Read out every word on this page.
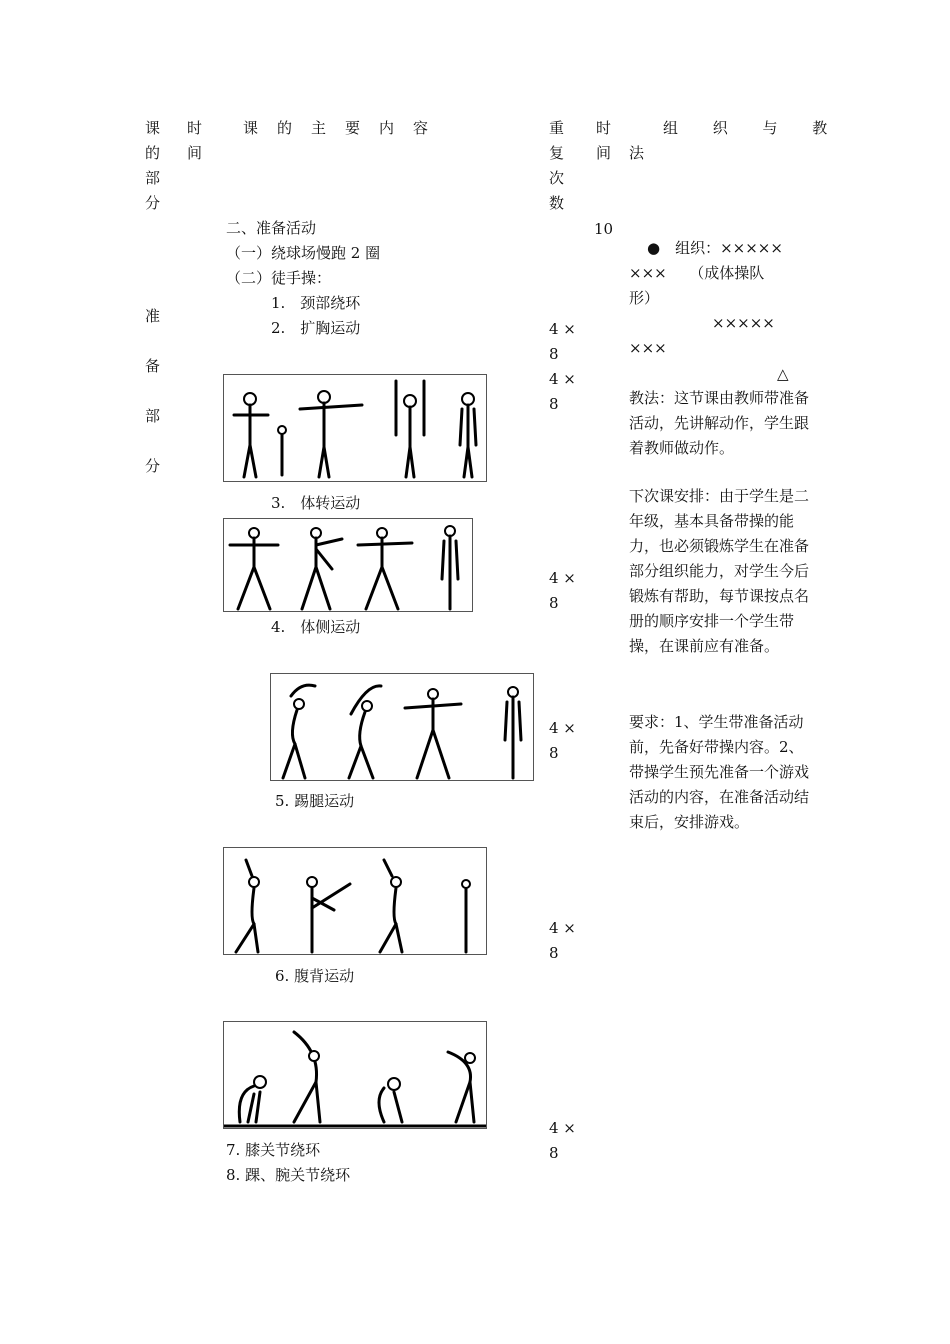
课
的
部
分
时
间
课的主要内容	重
复
次
数
时
间
组 织 与 教
法
准
备
部
分
二、准备活动
（一）绕球场慢跑 2 圈
（二）徒手操：
1.　颈部绕环
2.　扩胸运动
3.　体转运动
4.　体侧运动
5. 踢腿运动
6. 腹背运动
7. 膝关节绕环
8. 踝、腕关节绕环
10
4 ×
8
4 ×
8
4 ×
8
4 ×
8
4 ×
8
4 ×
8
●　组织：×××××
×××　　（成体操队
形）
×××××
×××
△
教法：这节课由教师带准备活动，先讲解动作，学生跟着教师做动作。
下次课安排：由于学生是二年级，基本具备带操的能力，也必须锻炼学生在准备部分组织能力，对学生今后锻炼有帮助，每节课按点名册的顺序安排一个学生带操，在课前应有准备。
要求：1、学生带准备活动前，先备好带操内容。2、带操学生预先准备一个游戏活动的内容，在准备活动结束后，安排游戏。
